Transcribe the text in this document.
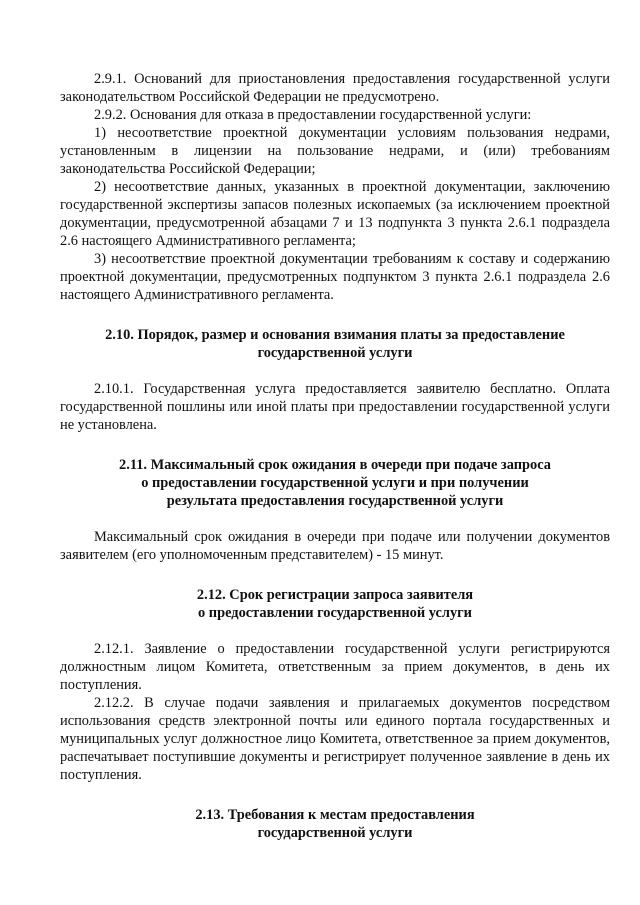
2.9.1. Оснований для приостановления предоставления государственной услуги законодательством Российской Федерации не предусмотрено.

2.9.2. Основания для отказа в предоставлении государственной услуги:

1) несоответствие проектной документации условиям пользования недрами, установленным в лицензии на пользование недрами, и (или) требованиям законодательства Российской Федерации;

2) несоответствие данных, указанных в проектной документации, заключению государственной экспертизы запасов полезных ископаемых (за исключением проектной документации, предусмотренной абзацами 7 и 13 подпункта 3 пункта 2.6.1 подраздела 2.6 настоящего Административного регламента;

3) несоответствие проектной документации требованиям к составу и содержанию проектной документации, предусмотренных подпунктом 3 пункта 2.6.1 подраздела 2.6 настоящего Административного регламента.

2.10. Порядок, размер и основания взимания платы за предоставление
государственной услуги

2.10.1. Государственная услуга предоставляется заявителю бесплатно. Оплата государственной пошлины или иной платы при предоставлении государственной услуги не установлена.

2.11. Максимальный срок ожидания в очереди при подаче запроса
о предоставлении государственной услуги и при получении
результата предоставления государственной услуги

Максимальный срок ожидания в очереди при подаче или получении документов заявителем (его уполномоченным представителем) - 15 минут.

2.12. Срок регистрации запроса заявителя
о предоставлении государственной услуги

2.12.1. Заявление о предоставлении государственной услуги регистрируются должностным лицом Комитета, ответственным за прием документов, в день их поступления.

2.12.2. В случае подачи заявления и прилагаемых документов посредством использования средств электронной почты или единого портала государственных и муниципальных услуг должностное лицо Комитета, ответственное за прием документов, распечатывает поступившие документы и регистрирует полученное заявление в день их поступления.

2.13. Требования к местам предоставления
государственной услуги
